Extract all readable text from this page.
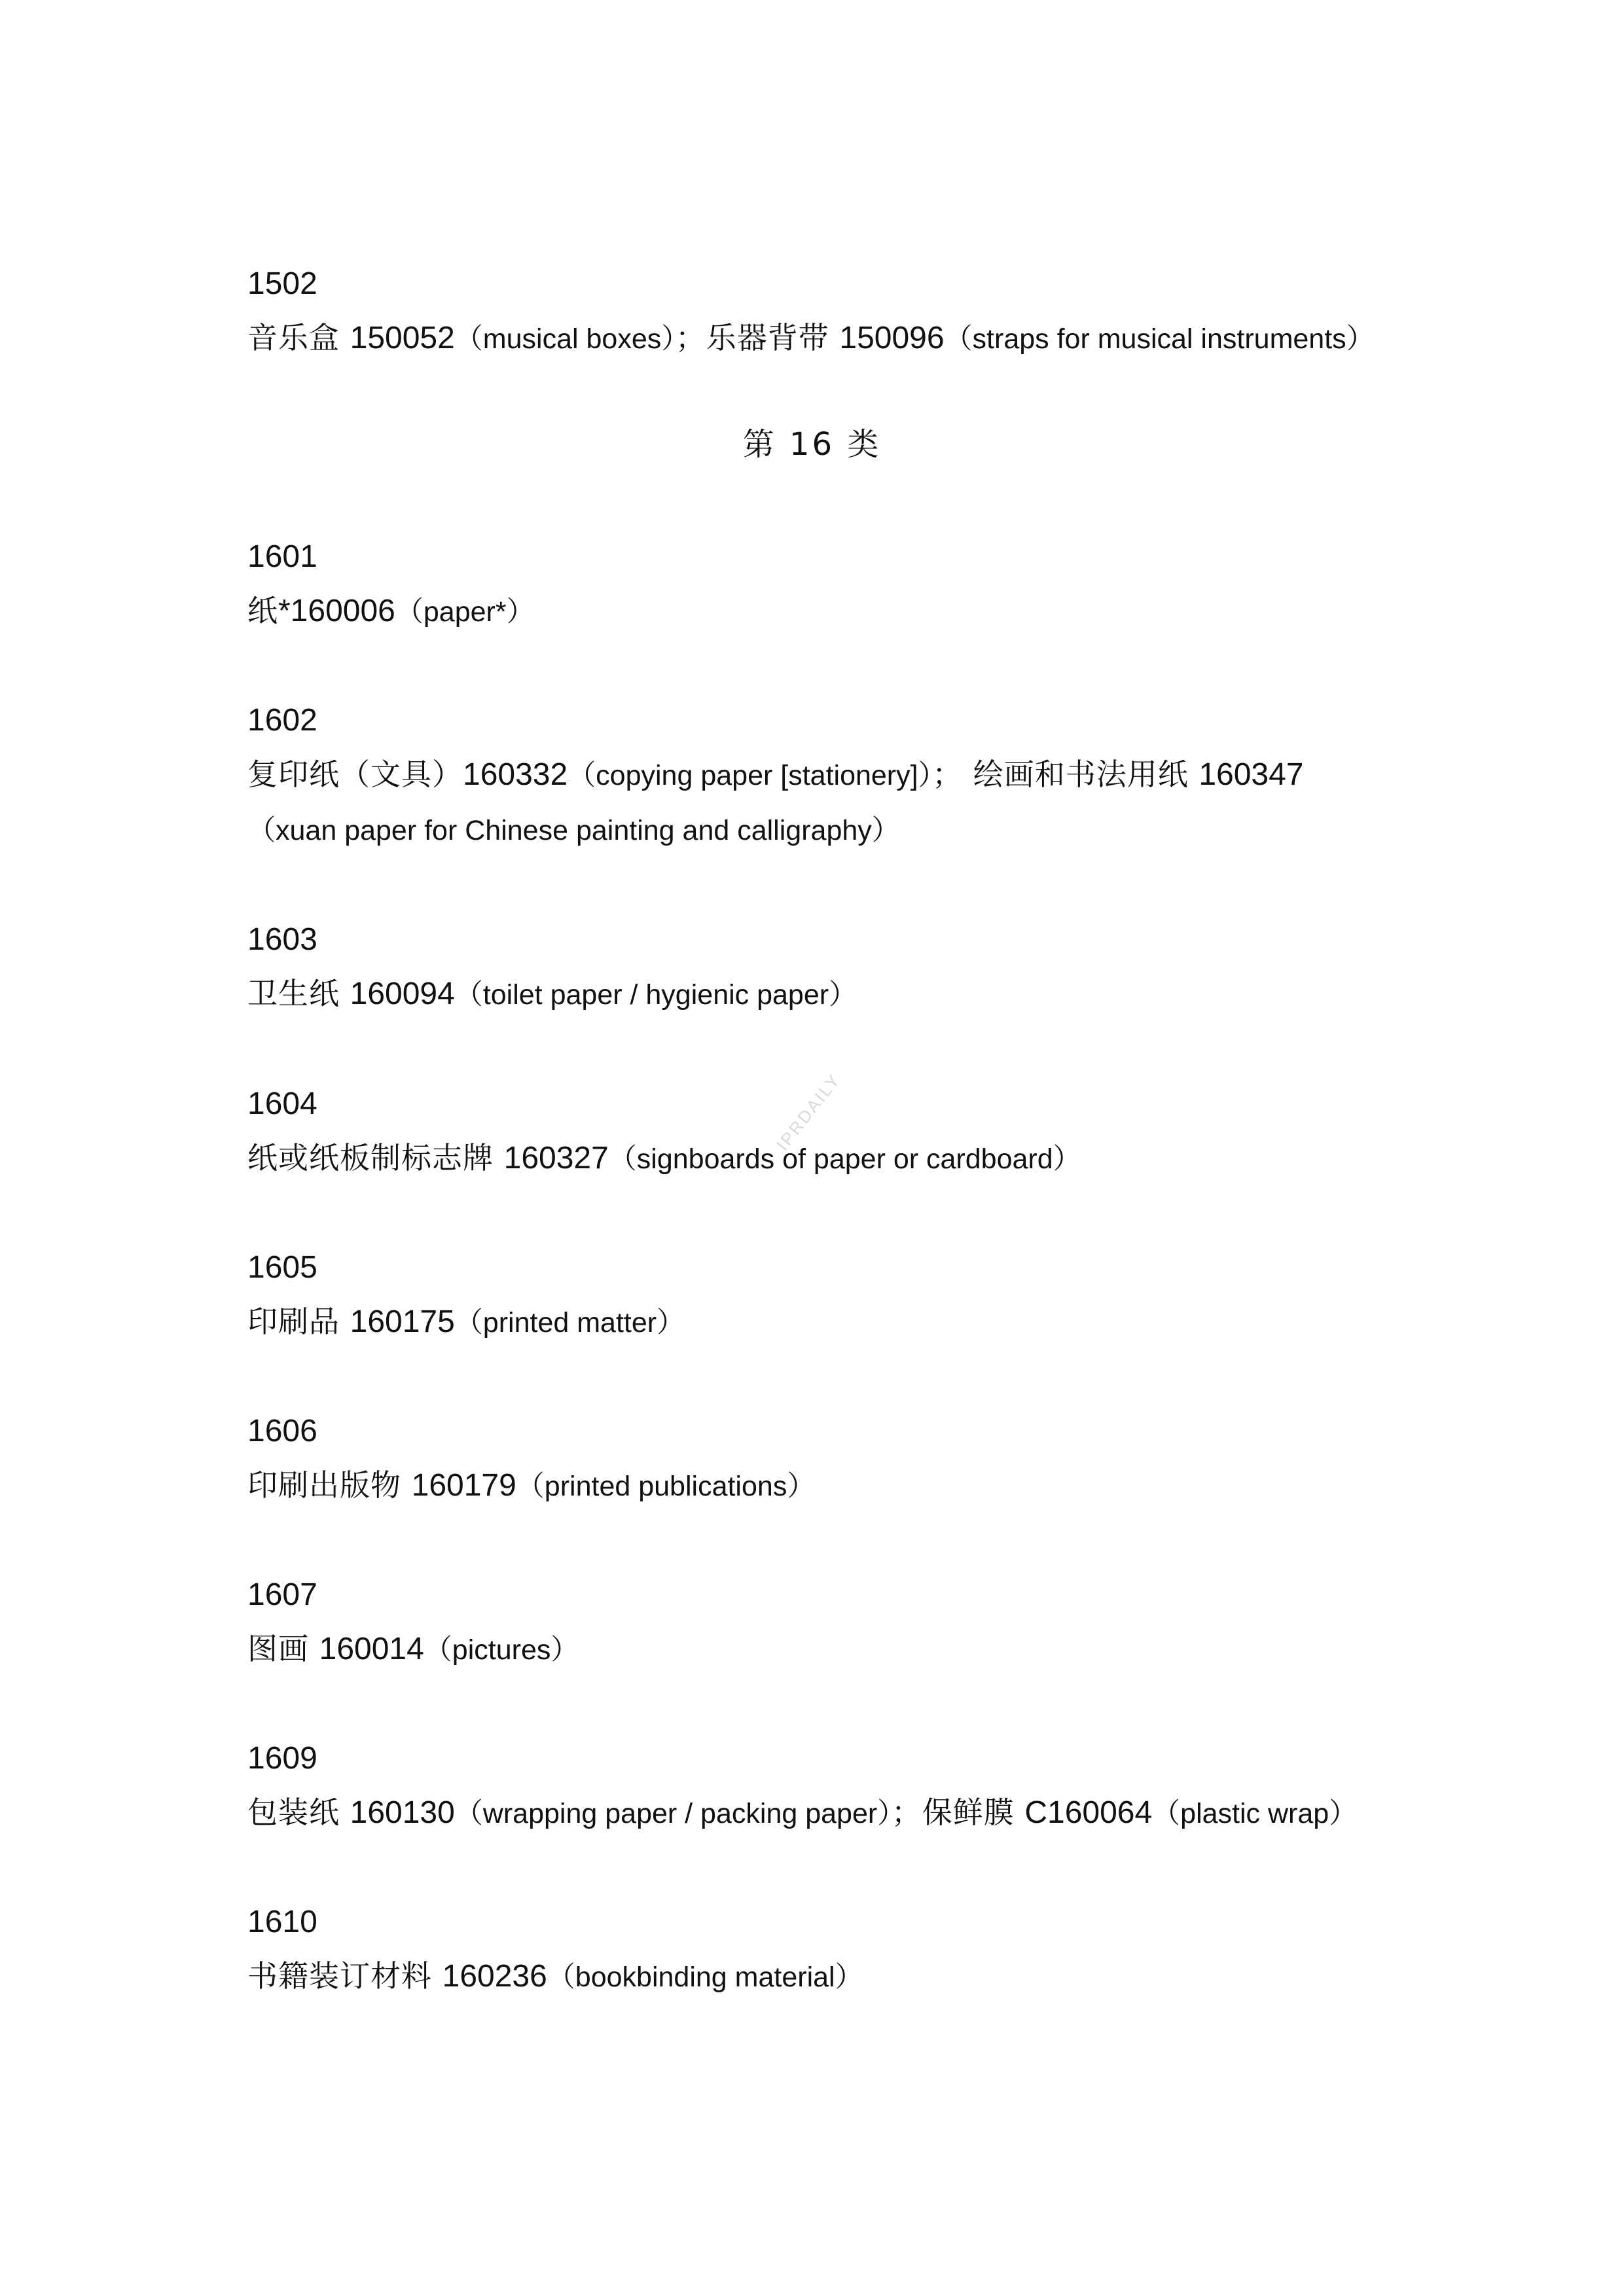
1502
音乐盒 150052（musical boxes）；乐器背带 150096（straps for musical instruments）
第 16 类
1601
纸*160006（paper*）
1602
复印纸（文具）160332（copying paper [stationery]）； 绘画和书法用纸 160347
（xuan paper for Chinese painting and calligraphy）
1603
卫生纸 160094（toilet paper / hygienic paper）
1604
纸或纸板制标志牌 160327（signboards of paper or cardboard）
IPRDAILY
1605
印刷品 160175（printed matter）
1606
印刷出版物 160179（printed publications）
1607
图画 160014（pictures）
1609
包装纸 160130（wrapping paper / packing paper）；保鲜膜 C160064（plastic wrap）
1610
书籍装订材料 160236（bookbinding material）
